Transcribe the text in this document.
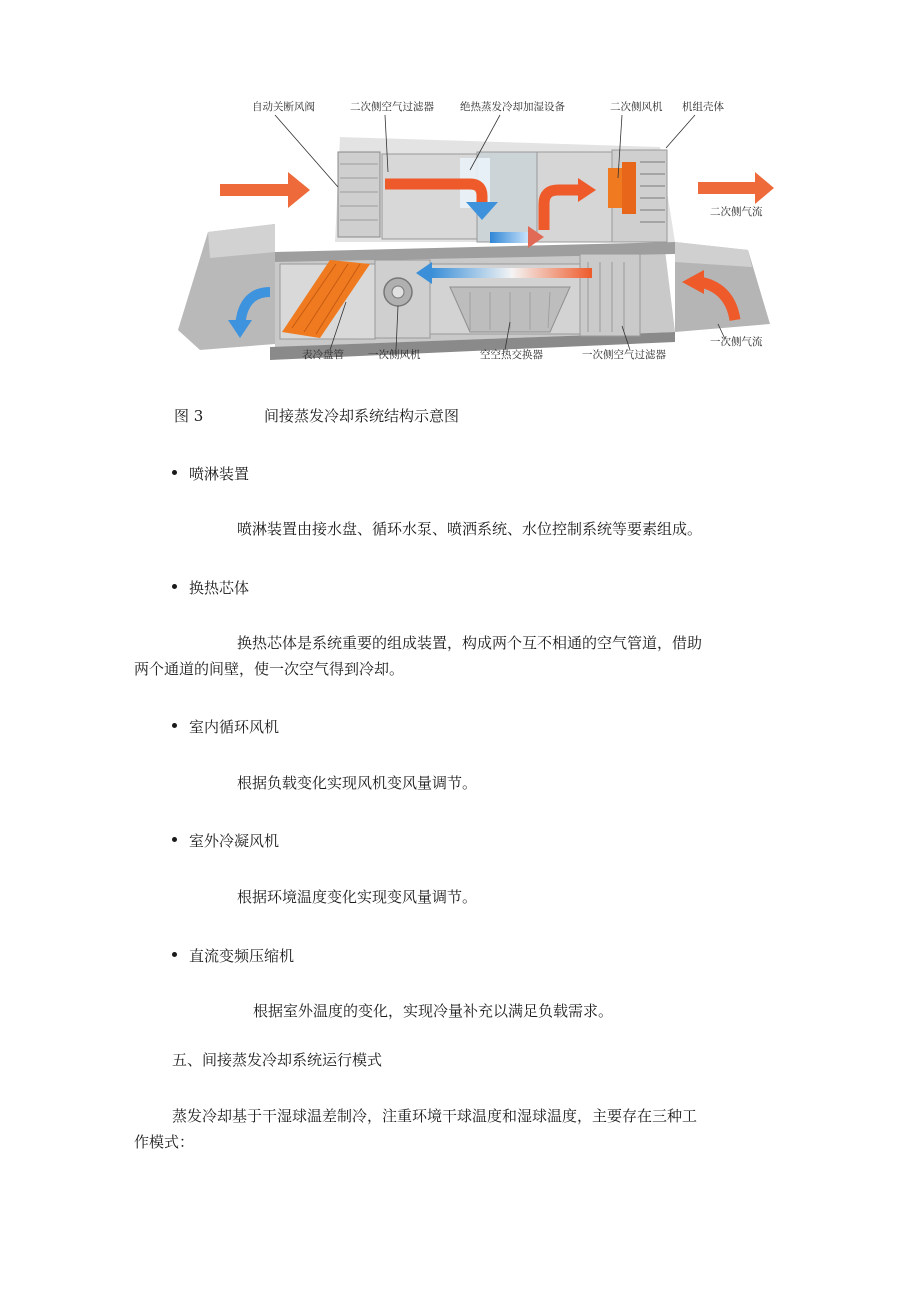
自动关断风阀	二次侧空气过滤器 绝热蒸发冷却加湿设备	二次侧风机 机组壳体
二次侧气流
表冷盘管 一次侧风机	空空热交换器	一次侧空气过滤器
一次侧气流
图 3	间接蒸发冷却系统结构示意图
喷淋装置
喷淋装置由接水盘、循环水泵、喷洒系统、水位控制系统等要素组成。
换热芯体
换热芯体是系统重要的组成装置，构成两个互不相通的空气管道，借助
两个通道的间壁，使一次空气得到冷却。
室内循环风机
根据负载变化实现风机变风量调节。
室外冷凝风机
根据环境温度变化实现变风量调节。
直流变频压缩机
根据室外温度的变化，实现冷量补充以满足负载需求。
五、间接蒸发冷却系统运行模式
蒸发冷却基于干湿球温差制冷，注重环境干球温度和湿球温度，主要存在三种工
作模式：
